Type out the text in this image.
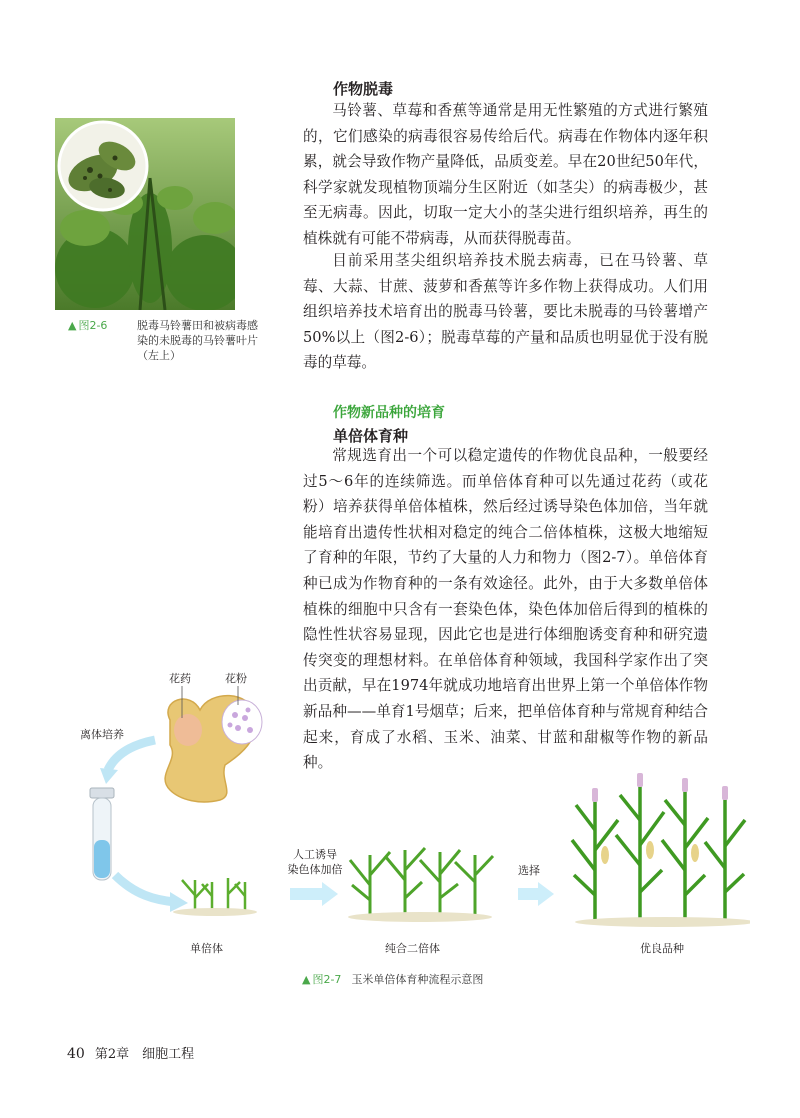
▲ 图2-6	脱毒马铃薯田和被病毒感染的未脱毒的马铃薯叶片（左上）
作物脱毒

马铃薯、草莓和香蕉等通常是用无性繁殖的方式进行繁殖的，它们感染的病毒很容易传给后代。病毒在作物体内逐年积累，就会导致作物产量降低，品质变差。早在20世纪50年代，科学家就发现植物顶端分生区附近（如茎尖）的病毒极少，甚至无病毒。因此，切取一定大小的茎尖进行组织培养，再生的植株就有可能不带病毒，从而获得脱毒苗。

目前采用茎尖组织培养技术脱去病毒，已在马铃薯、草莓、大蒜、甘蔗、菠萝和香蕉等许多作物上获得成功。人们用组织培养技术培育出的脱毒马铃薯，要比未脱毒的马铃薯增产50%以上（图2-6）；脱毒草莓的产量和品质也明显优于没有脱毒的草莓。

作物新品种的培育
单倍体育种

常规选育出一个可以稳定遗传的作物优良品种，一般要经过5～6年的连续筛选。而单倍体育种可以先通过花药（或花粉）培养获得单倍体植株，然后经过诱导染色体加倍，当年就能培育出遗传性状相对稳定的纯合二倍体植株，这极大地缩短了育种的年限，节约了大量的人力和物力（图2-7）。单倍体育种已成为作物育种的一条有效途径。此外，由于大多数单倍体植株的细胞中只含有一套染色体，染色体加倍后得到的植株的隐性性状容易显现，因此它也是进行体细胞诱变育种和研究遗传突变的理想材料。在单倍体育种领域，我国科学家作出了突出贡献，早在1974年就成功地培育出世界上第一个单倍体作物新品种——单育1号烟草；后来，把单倍体育种与常规育种结合起来，育成了水稻、玉米、油菜、甘蓝和甜椒等作物的新品种。

花药	花粉
离体培养
单倍体
人工诱导
染色体加倍
纯合二倍体
选择
优良品种
▲ 图2-7 玉米单倍体育种流程示意图
40 第2章　细胞工程
